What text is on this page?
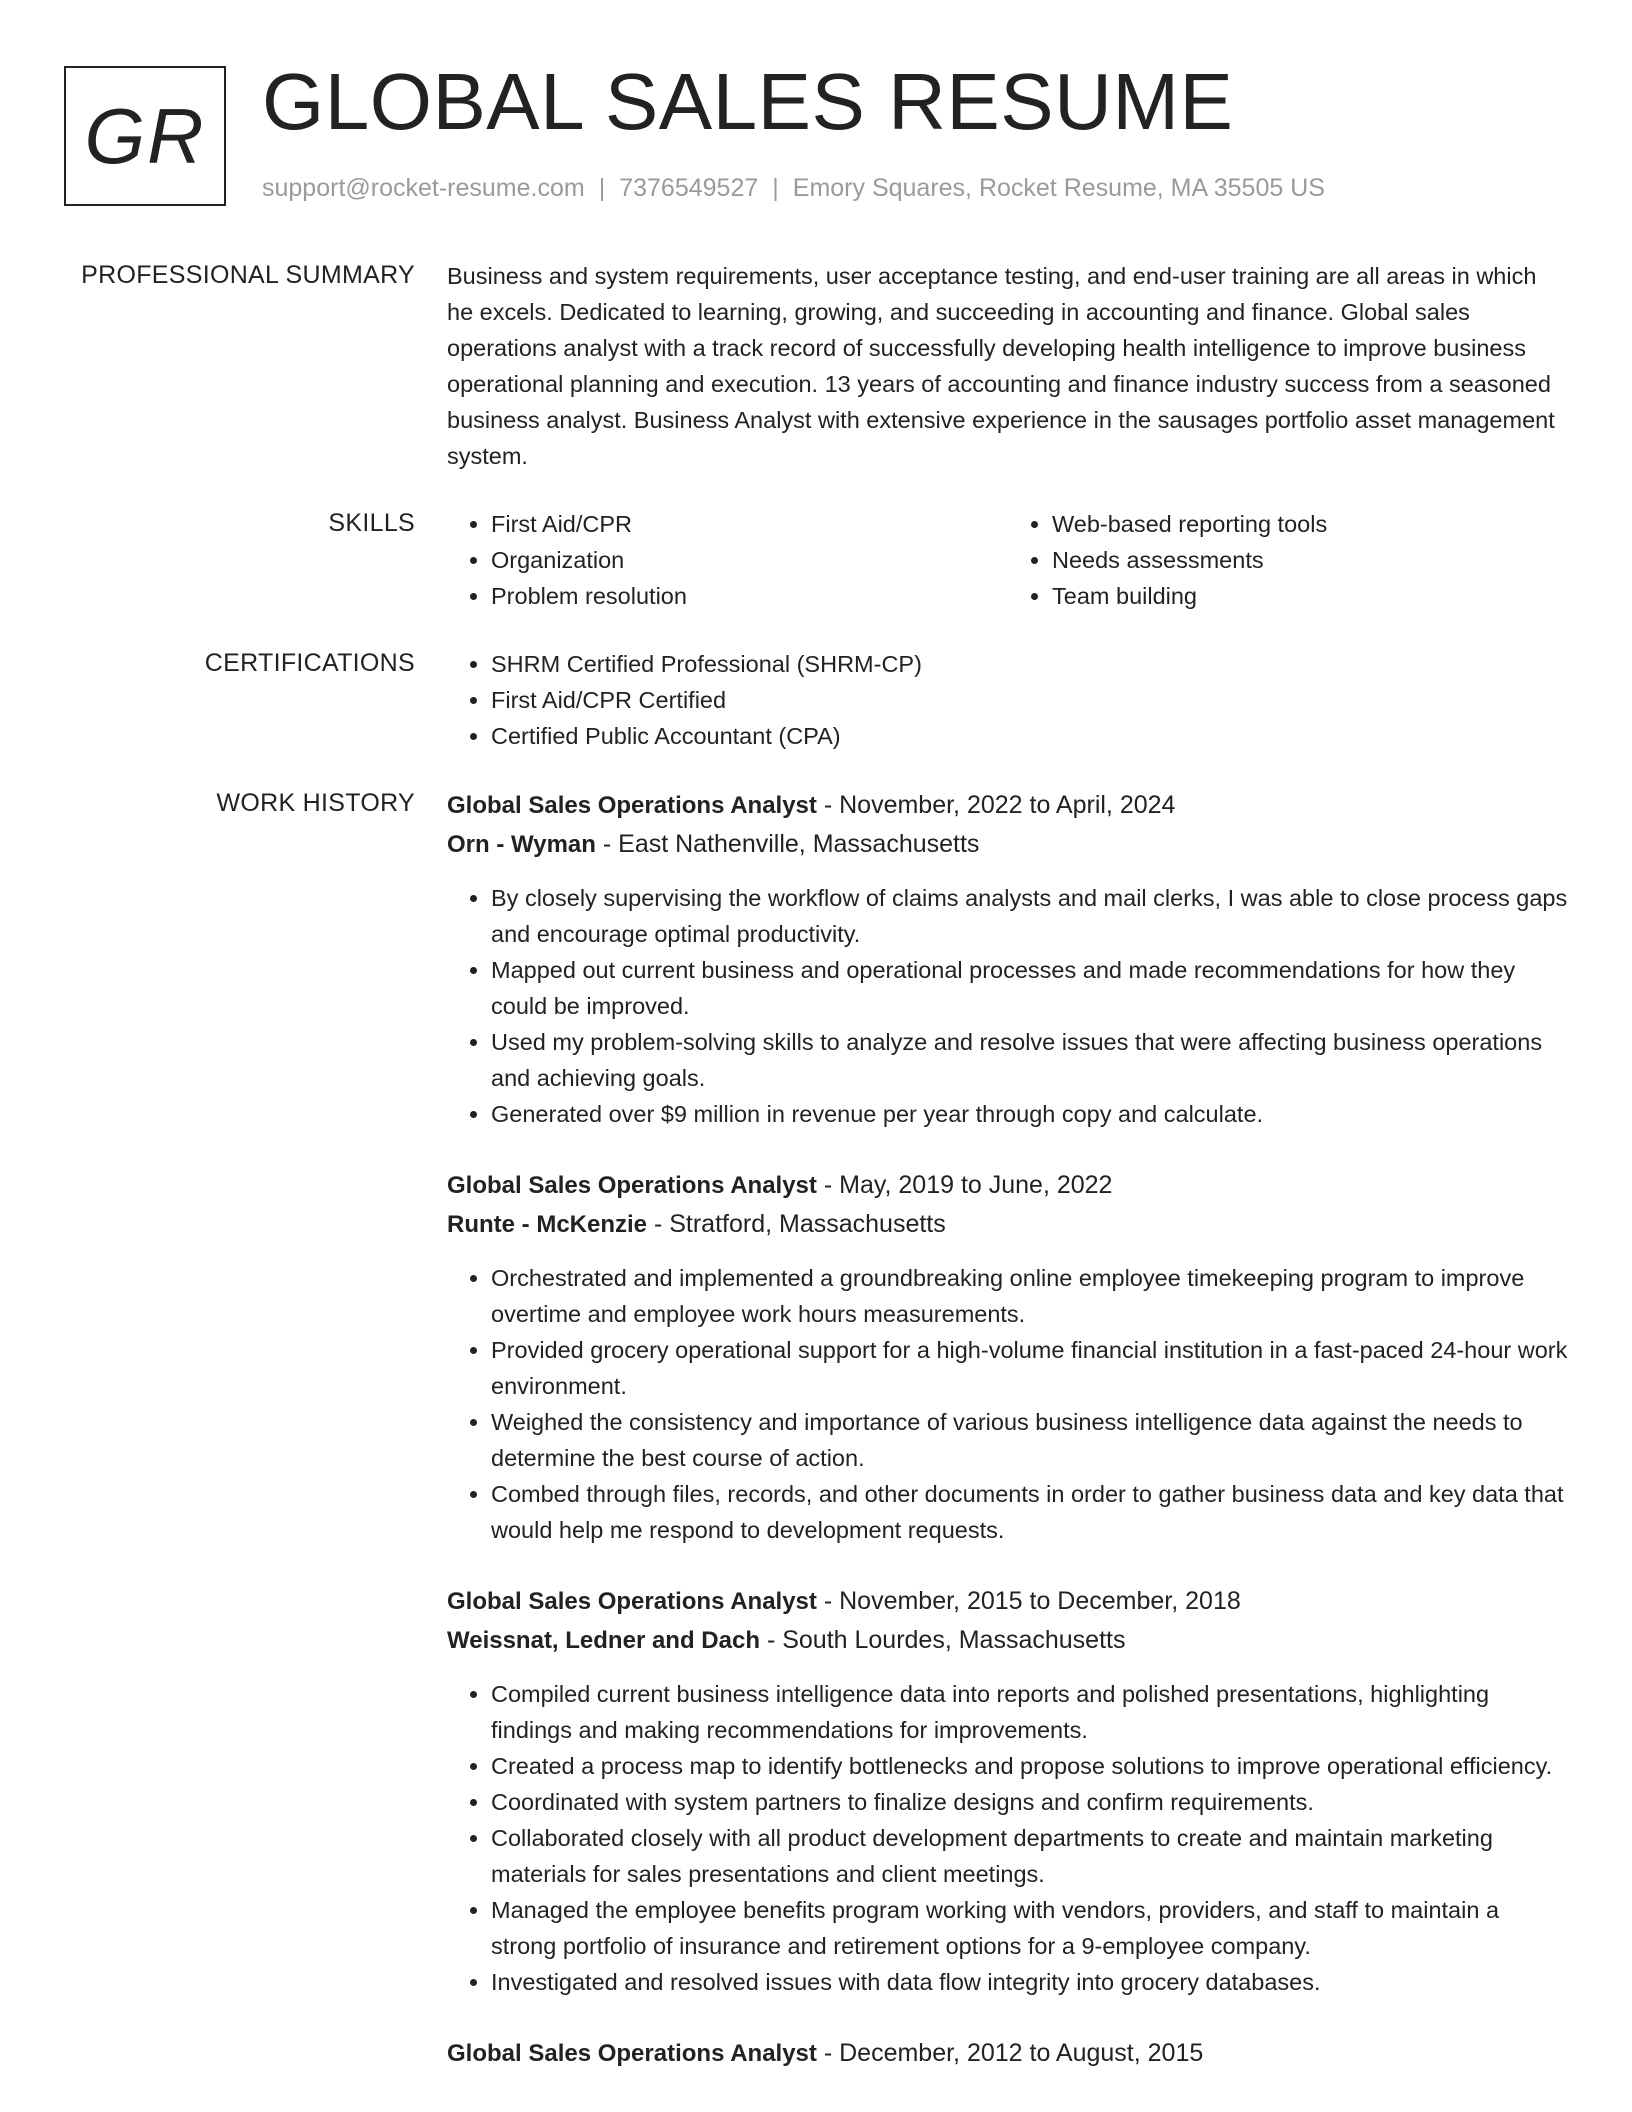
GR GLOBAL SALES RESUME
support@rocket-resume.com | 7376549527 | Emory Squares, Rocket Resume, MA 35505 US
PROFESSIONAL SUMMARY Business and system requirements, user acceptance testing, and end-user training are all areas in which he excels. Dedicated to learning, growing, and succeeding in accounting and finance. Global sales operations analyst with a track record of successfully developing health intelligence to improve business operational planning and execution. 13 years of accounting and finance industry success from a seasoned business analyst. Business Analyst with extensive experience in the sausages portfolio asset management system.

SKILLS	• First Aid/CPR
• Organization
• Problem resolution
• Web-based reporting tools
• Needs assessments
• Team building
CERTIFICATIONS	• SHRM Certified Professional (SHRM-CP)
• First Aid/CPR Certified
• Certified Public Accountant (CPA)
WORK HISTORY Global Sales Operations Analyst - November, 2022 to April, 2024
Orn - Wyman - East Nathenville, Massachusetts
• By closely supervising the workflow of claims analysts and mail clerks, I was able to close process gaps and encourage optimal productivity.
• Mapped out current business and operational processes and made recommendations for how they could be improved.
• Used my problem-solving skills to analyze and resolve issues that were affecting business operations and achieving goals.
• Generated over $9 million in revenue per year through copy and calculate.
Global Sales Operations Analyst - May, 2019 to June, 2022
Runte - McKenzie - Stratford, Massachusetts
• Orchestrated and implemented a groundbreaking online employee timekeeping program to improve overtime and employee work hours measurements.
• Provided grocery operational support for a high-volume financial institution in a fast-paced 24-hour work environment.
• Weighed the consistency and importance of various business intelligence data against the needs to determine the best course of action.
• Combed through files, records, and other documents in order to gather business data and key data that would help me respond to development requests.
Global Sales Operations Analyst - November, 2015 to December, 2018
Weissnat, Ledner and Dach - South Lourdes, Massachusetts
• Compiled current business intelligence data into reports and polished presentations, highlighting findings and making recommendations for improvements.
• Created a process map to identify bottlenecks and propose solutions to improve operational efficiency.
• Coordinated with system partners to finalize designs and confirm requirements.
• Collaborated closely with all product development departments to create and maintain marketing materials for sales presentations and client meetings.
• Managed the employee benefits program working with vendors, providers, and staff to maintain a strong portfolio of insurance and retirement options for a 9-employee company.
• Investigated and resolved issues with data flow integrity into grocery databases.
Global Sales Operations Analyst - December, 2012 to August, 2015
